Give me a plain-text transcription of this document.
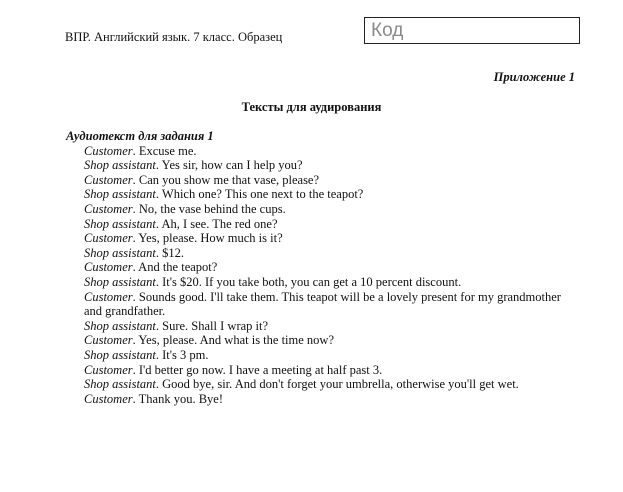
ВПР. Английский язык. 7 класс. Образец	Код
Приложение 1
Тексты для аудирования
Аудиотекст для задания 1
Customer. Excuse me.
Shop assistant. Yes sir, how can I help you?
Customer. Can you show me that vase, please?
Shop assistant. Which one? This one next to the teapot?
Customer. No, the vase behind the cups.
Shop assistant. Ah, I see. The red one?
Customer. Yes, please. How much is it?
Shop assistant. $12.
Customer. And the teapot?
Shop assistant. It's $20. If you take both, you can get a 10 percent discount.
Customer. Sounds good. I'll take them. This teapot will be a lovely present for my grandmother and grandfather.
Shop assistant. Sure. Shall I wrap it?
Customer. Yes, please. And what is the time now?
Shop assistant. It's 3 pm.
Customer. I'd better go now. I have a meeting at half past 3.
Shop assistant. Good bye, sir. And don't forget your umbrella, otherwise you'll get wet.
Customer. Thank you. Bye!
